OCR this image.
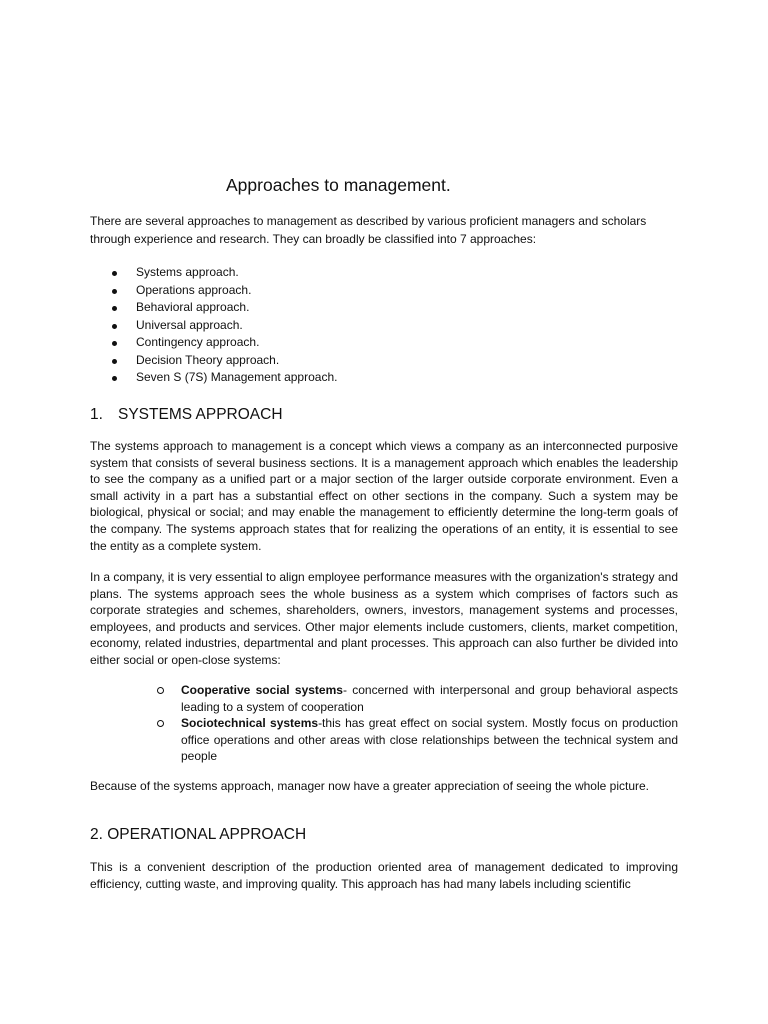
Approaches to management.

There are several approaches to management as described by various proficient managers and scholars through experience and research. They can broadly be classified into 7 approaches:

Systems approach.
Operations approach.
Behavioral approach.
Universal approach.
Contingency approach.
Decision Theory approach.
Seven S (7S) Management approach.
1. SYSTEMS APPROACH

The systems approach to management is a concept which views a company as an interconnected purposive system that consists of several business sections. It is a management approach which enables the leadership to see the company as a unified part or a major section of the larger outside corporate environment. Even a small activity in a part has a substantial effect on other sections in the company. Such a system may be biological, physical or social; and may enable the management to efficiently determine the long-term goals of the company. The systems approach states that for realizing the operations of an entity, it is essential to see the entity as a complete system.

In a company, it is very essential to align employee performance measures with the organization's strategy and plans. The systems approach sees the whole business as a system which comprises of factors such as corporate strategies and schemes, shareholders, owners, investors, management systems and processes, employees, and products and services. Other major elements include customers, clients, market competition, economy, related industries, departmental and plant processes. This approach can also further be divided into either social or open-close systems:

Cooperative social systems- concerned with interpersonal and group behavioral aspects leading to a system of cooperation
Sociotechnical systems-this has great effect on social system. Mostly focus on production office operations and other areas with close relationships between the technical system and people

Because of the systems approach, manager now have a greater appreciation of seeing the whole picture.

2. OPERATIONAL APPROACH

This is a convenient description of the production oriented area of management dedicated to improving efficiency, cutting waste, and improving quality. This approach has had many labels including scientific
